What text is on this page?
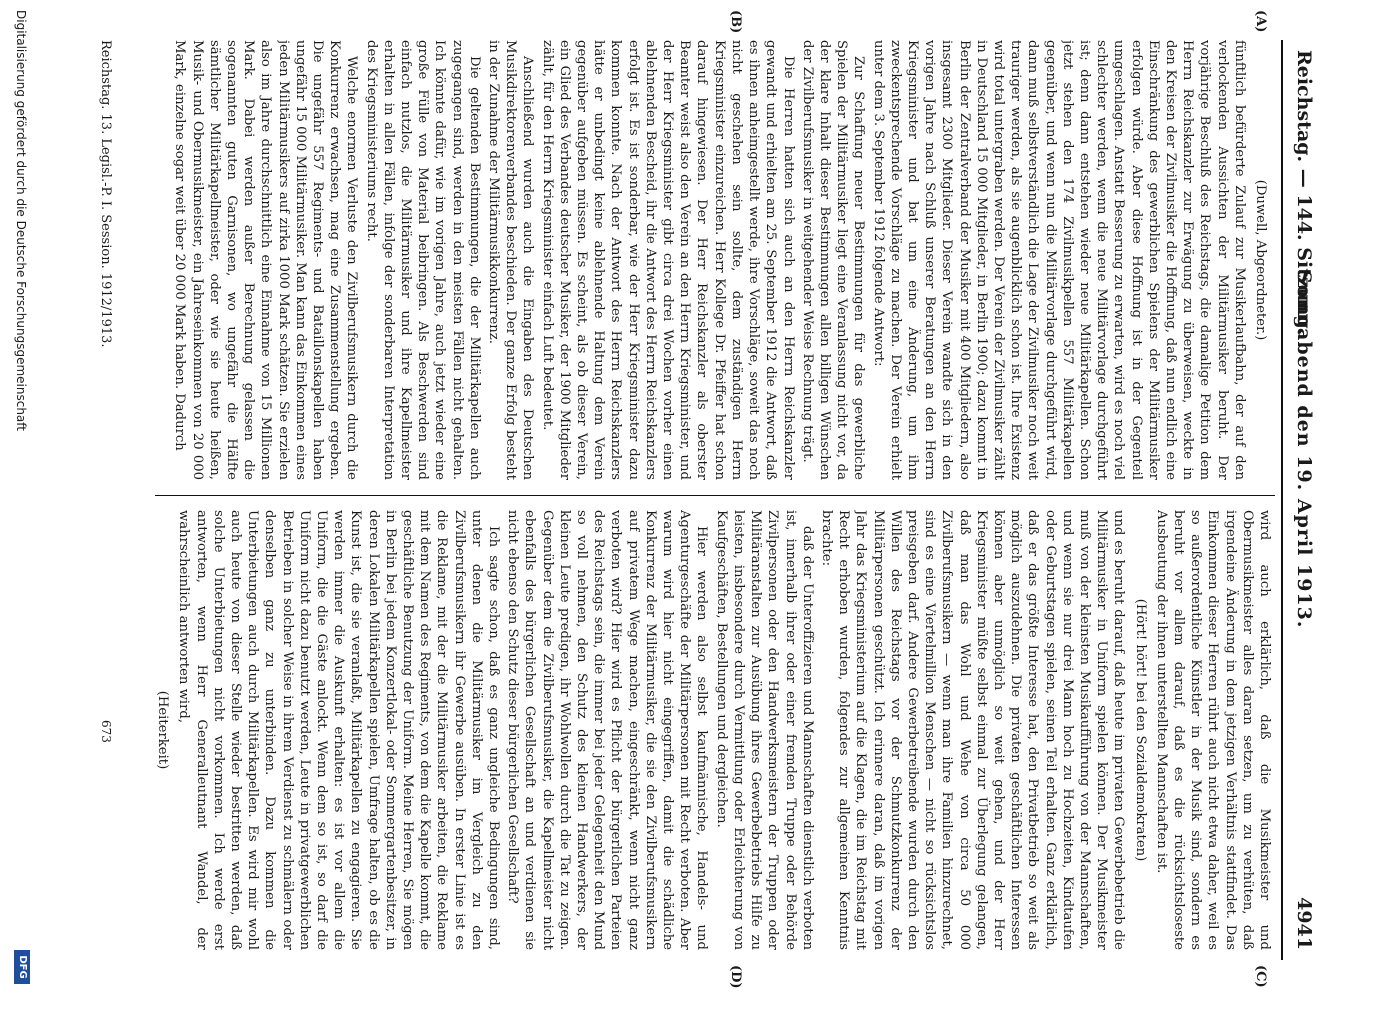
Reichstag. — 144. Sitzung.
Sonnabend den 19. April 1913.
4941
(A)
(B)
(C)
(D)

(Duwell, Abgeordneter.)

fünftlich befürderte Zulauf zur Musikerlaufbahn, der auf den verlockenden Aussichten der Militärmusiker beruht. Der vorjährige Beschluß des Reichstags, die damalige Petition dem Herrn Reichskanzler zur Erwägung zu überweisen, weckte in den Kreisen der Zivilmusiker die Hoffnung, daß nun endlich eine Einschränkung des gewerblichen Spielens der Militärmusiker erfolgen würde. Aber diese Hoffnung ist in der Gegenteil umgeschlagen. Anstatt Besserung zu erwarten, wird es noch viel schlechter werden, wenn die neue Militärvorlage durchgeführt ist; denn dann entstehen wieder neue Militärkapellen. Schon jetzt stehen den 174 Zivilmusikpellen 557 Militärkapellen gegenüber, und wenn nun die Militärvorlage durchgeführt wird, dann muß selbstverständlich die Lage der Zivilmusiker noch weit trauriger werden, als sie augenblicklich schon ist. Ihre Existenz wird total untergraben werden. Der Verein der Zivilmusiker zählt in Deutschland 15 000 Mitglieder, in Berlin 1900; dazu kommt in Berlin der Zentralverband der Musiker mit 400 Mitgliedern, also insgesamt 2300 Mitglieder. Dieser Verein wandte sich in den vorigen Jahre nach Schluß unserer Beratungen an den Herrn Kriegsminister und bat um eine Änderung, um ihm zweckentsprechende Vorschläge zu machen. Der Verein erhielt unter dem 3. September 1912 folgende Antwort:

Zur Schaffung neuer Bestimmungen für das gewerbliche Spielen der Militärmusiker liegt eine Veranlassung nicht vor, da der klare Inhalt dieser Bestimmungen allen billigen Wünschen der Zivilberufsmusiker in weitgehender Weise Rechnung trägt.

Die Herren hatten sich auch an den Herrn Reichskanzler gewandt und erhielten am 25. September 1912 die Antwort, daß es ihnen anheimgestellt werde, ihre Vorschläge, soweit das noch nicht geschehen sein sollte, dem zuständigen Herrn Kriegsminister einzureichen. Herr Kollege Dr. Pfeiffer hat schon darauf hingewiesen. Der Herr Reichskanzler als oberster Beamter weist also den Verein an den Herrn Kriegsminister, und der Herr Kriegsminister gibt circa drei Wochen vorher einen ablehnenden Bescheid, ihr die Antwort des Herrn Reichskanzlers erfolgt ist. Es ist sonderbar, wie der Herr Kriegsminister dazu kommen konnte. Nach der Antwort des Herrn Reichskanzlers hätte er unbedingt keine ablehnende Haltung dem Verein gegenüber aufgeben müssen. Es scheint, als ob dieser Verein, ein Glied des Verbandes deutscher Musiker, der 1900 Mitglieder zählt, für den Herrn Kriegsminister einfach Luft bedeutet.

Anschließend wurden auch die Eingaben des Deutschen Musikdirektorenverbandes beschieden. Der ganze Erfolg besteht in der Zunahme der Militärmusikkonkurrenz.

Die geltenden Bestimmungen, die der Militärkapellen auch zugegangen sind, werden in den meisten Fällen nicht gehalten. Ich könnte dafür, wie im vorigen Jahre, auch jetzt wieder eine große Fülle von Material beibringen. Als Beschwerden sind einfach nutzlos, die Militärmusiker und ihre Kapellmeister erhalten in allen Fällen, infolge der sonderbaren Interpretation des Kriegsministeriums recht.

Welche enormen Verluste den Zivilberufsmusikern durch die Konkurrenz erwachsen, mag eine Zusammenstellung ergeben. Die ungefähr 557 Regiments- und Bataillonskapellen haben ungefähr 15 000 Militärmusiker. Man kann das Einkommen eines jeden Militärmusikers auf zirka 1000 Mark schätzen. Sie erzielen also im Jahre durchschnittlich eine Einnahme von 15 Millionen Mark. Dabei werden außer Berechnung gelassen die sogenannten guten Garnisonen, wo ungefähr die Hälfte sämtlicher Militärkapellmeister, oder wie sie heute heißen, Musik- und Obermusikmeister, ein Jahreseinkommen von 20 000 Mark, einzelne sogar weit über 20 000 Mark haben. Dadurch

wird auch erklärlich, daß die Musikmeister und Obermusikmeister alles daran setzen, um zu verhüten, daß irgendeine Änderung in dem jetzigen Verhältnis stattfindet. Das Einkommen dieser Herren rührt auch nicht etwa daher, weil es so außerordentliche Künstler in der Musik sind, sondern es beruht vor allem darauf, daß es die rücksichtsloseste Ausbeutung der ihnen unterstellten Mannschaften ist.

(Hört! hört! bei den Sozialdemokraten)

und es beruht darauf, daß heute im privaten Gewerbebetrieb die Militärmusiker in Uniform spielen können. Der Musikmeister muß von der kleinsten Musikaufführung von der Mannschaften, und wenn sie nur drei Mann hoch zu Hochzeiten, Kindtaufen oder Geburtstagen spielen, seinen Teil erhalten. Ganz erklärlich, daß er das größte Interesse hat, den Privatbetrieb so weit als möglich auszudehnen. Die privaten geschäftlichen Interessen können aber unmöglich so weit gehen, und der Herr Kriegsminister müßte selbst einmal zur Überlegung gelangen, daß man das Wohl und Wehe von circa 50 000 Zivilberufsmusikern — wenn man ihre Familien hinzurechnet, sind es eine Viertelmillion Menschen — nicht so rücksichtslos preisgeben darf. Andere Gewerbetreibende wurden durch den Willen des Reichstags vor der Schmutzkonkurrenz der Militärpersonen geschützt. Ich erinnere daran, daß im vorigen Jahr das Kriegsministerium auf die Klagen, die im Reichstag mit Recht erhoben wurden, folgendes zur allgemeinen Kenntnis brachte:

daß der Unteroffizieren und Mannschaften dienstlich verboten ist, innerhalb ihrer oder einer fremden Truppe oder Behörde Zivilpersonen oder den Handwerksmeistern der Truppen oder Militäranstalten zur Ausübung ihres Gewerbebetriebs Hilfe zu leisten, insbesondere durch Vermittlung oder Erleichterung von Kaufgeschäften, Bestellungen und dergleichen.

Hier werden also selbst kaufmännische, Handels- und Agenturgeschäfte der Militärpersonen mit Recht verboten. Aber warum wird hier nicht eingegriffen, damit die schädliche Konkurrenz der Militärmusiker, die sie den Zivilberufsmusikern auf privatem Wege machen, eingeschränkt, wenn nicht ganz verboten wird? Hier wird es Pflicht der bürgerlichen Parteien des Reichstags sein, die immer bei jeder Gelegenheit den Mund so voll nehmen, den Schutz des kleinen Handwerkers, der kleinen Leute predigen, ihr Wohlwollen durch die Tat zu zeigen. Gegenüber dem die Zivilberufsmusiker, die Kapellmeister nicht ebenfalls des bürgerlichen Gesellschaft an und verdienen sie nicht ebenso den Schutz dieser bürgerlichen Gesellschaft?

Ich sagte schon, daß es ganz ungleiche Bedingungen sind, unter denen die Militärmusiker im Vergleich zu den Zivilberufsmusikern ihr Gewerbe ausüben. In erster Linie ist es die Reklame, mit der die Militärmusiker arbeiten, die Reklame mit dem Namen des Regiments, von dem die Kapelle kommt, die geschäftliche Benutzung der Uniform. Meine Herren, Sie mögen in Berlin bei jedem Konzertlokal- oder Sommergartenbesitzer, in deren Lokalen Militärkapellen spielen, Umfrage halten, ob es die Kunst ist, die sie veranlaßt, Militärkapellen zu engagieren. Sie werden immer die Auskunft erhalten: es ist vor allem die Uniform, die die Gäste anlockt. Wenn dem so ist, so darf die Uniform nicht dazu benutzt werden, Leute in privatgewerblichen Betrieben in solcher Weise in ihrem Verdienst zu schmälern oder denselben ganz zu unterbinden. Dazu kommen die Unterbietungen auch durch Militärkapellen. Es wird mir wohl auch heute von dieser Stelle wieder bestritten werden, daß solche Unterbietungen nicht vorkommen. Ich werde erst antworten, wenn Herr Generalleutnant Wandel, der wahrscheinlich antworten wird,

(Heiterkeit)

Reichstag. 13. Legisl.-P. I. Session. 1912/1913.
673
Digitalisierung gefördert durch die Deutsche Forschungsgemeinschaft
DFG
